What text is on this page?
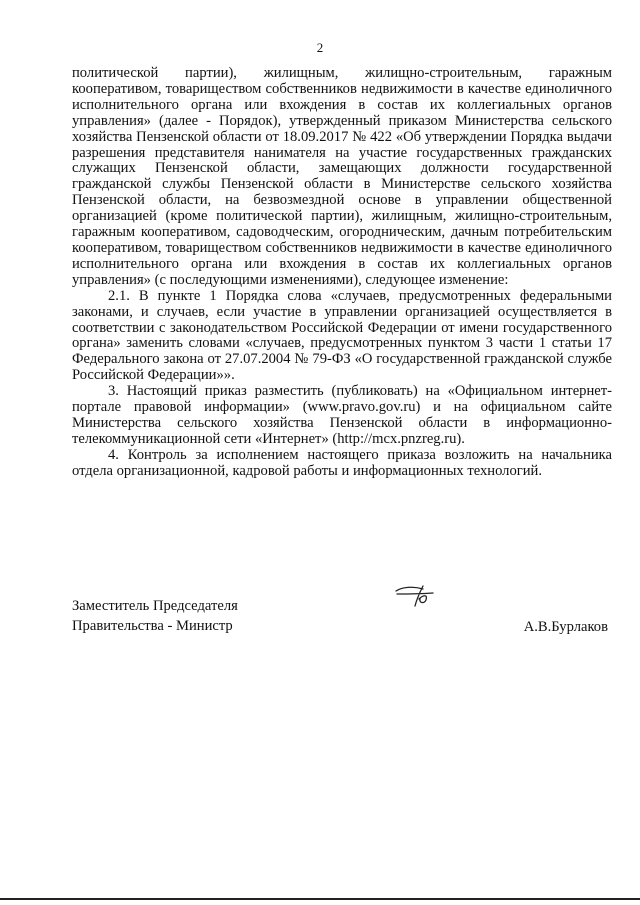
2

политической партии), жилищным, жилищно-строительным, гаражным кооперативом, товариществом собственников недвижимости в качестве единоличного исполнительного органа или вхождения в состав их коллегиальных органов управления» (далее - Порядок), утвержденный приказом Министерства сельского хозяйства Пензенской области от 18.09.2017 № 422 «Об утверждении Порядка выдачи разрешения представителя нанимателя на участие государственных гражданских служащих Пензенской области, замещающих должности государственной гражданской службы Пензенской области в Министерстве сельского хозяйства Пензенской области, на безвозмездной основе в управлении общественной организацией (кроме политической партии), жилищным, жилищно-строительным, гаражным кооперативом, садоводческим, огородническим, дачным потребительским кооперативом, товариществом собственников недвижимости в качестве единоличного исполнительного органа или вхождения в состав их коллегиальных органов управления» (с последующими изменениями), следующее изменение:

2.1. В пункте 1 Порядка слова «случаев, предусмотренных федеральными законами, и случаев, если участие в управлении организацией осуществляется в соответствии с законодательством Российской Федерации от имени государственного органа» заменить словами «случаев, предусмотренных пунктом 3 части 1 статьи 17 Федерального закона от 27.07.2004 № 79-ФЗ «О государственной гражданской службе Российской Федерации»».

3. Настоящий приказ разместить (публиковать) на «Официальном интернет-портале правовой информации» (www.pravo.gov.ru) и на официальном сайте Министерства сельского хозяйства Пензенской области в информационно-телекоммуникационной сети «Интернет» (http://mcx.pnzreg.ru).

4. Контроль за исполнением настоящего приказа возложить на начальника отдела организационной, кадровой работы и информационных технологий.

Заместитель Председателя
Правительства - Министр	А.В.Бурлаков
